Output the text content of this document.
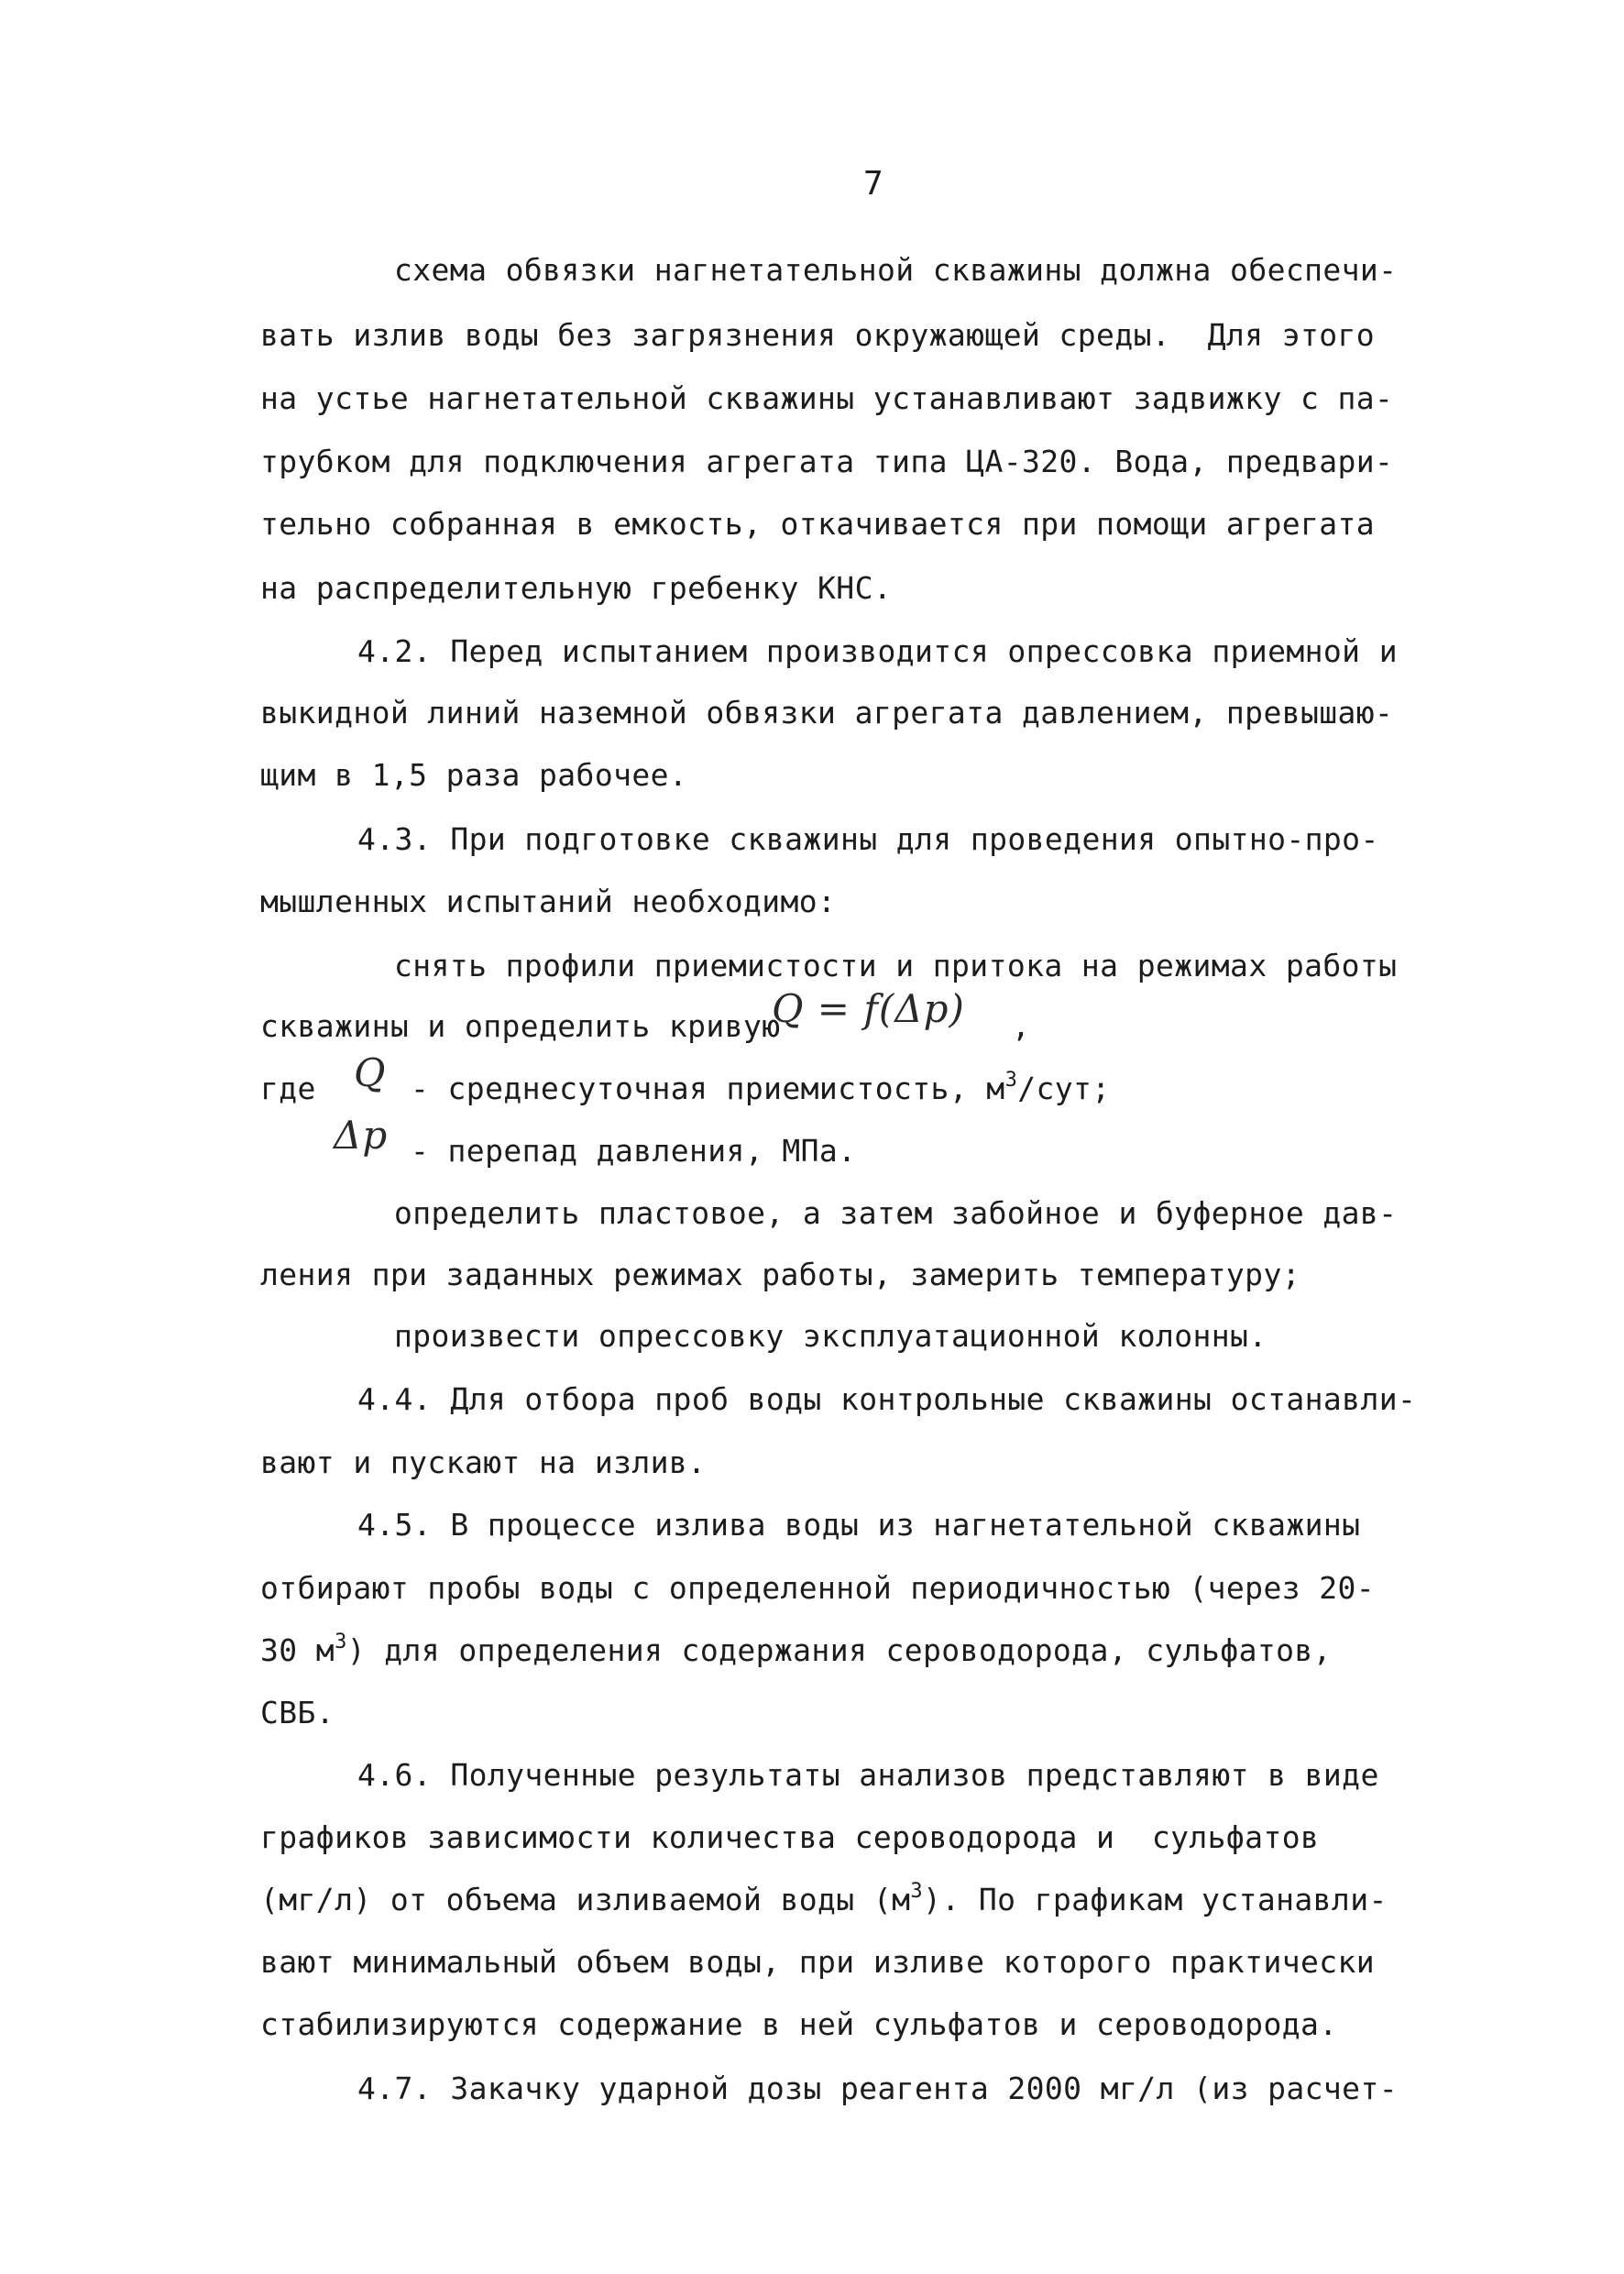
7
схема обвязки нагнетательной скважины должна обеспечи-
вать излив воды без загрязнения окружающей среды.  Для этого
на устье нагнетательной скважины устанавливают задвижку с па-
трубком для подключения агрегата типа ЦА-320. Вода, предвари-
тельно собранная в емкость, откачивается при помощи агрегата
на распределительную гребенку КНС.
4.2. Перед испытанием производится опрессовка приемной и
выкидной линий наземной обвязки агрегата давлением, превышаю-
щим в 1,5 раза рабочее.
4.3. При подготовке скважины для проведения опытно-про-
мышленных испытаний необходимо:
снять профили приемистости и притока на режимах работы
скважины и определить кривую
Q = f(Δp) ,
где Q - среднесуточная приемистость, $м^3$/сут;
Δp - перепад давления, МПа.
определить пластовое, а затем забойное и буферное дав-
ления при заданных режимах работы, замерить температуру;
произвести опрессовку эксплуатационной колонны.
4.4. Для отбора проб воды контрольные скважины останавли-
вают и пускают на излив.
4.5. В процессе излива воды из нагнетательной скважины
отбирают пробы воды с определенной периодичностью (через 20-
30 $м^3$) для определения содержания сероводорода, сульфатов,
СВБ.
4.6. Полученные результаты анализов представляют в виде
графиков зависимости количества сероводорода и  сульфатов
(мг/л) от объема изливаемой воды $(м^3)$. По графикам устанавли-
вают минимальный объем воды, при изливе которого практически
стабилизируются содержание в ней сульфатов и сероводорода.
4.7. Закачку ударной дозы реагента 2000 мг/л (из расчет-
